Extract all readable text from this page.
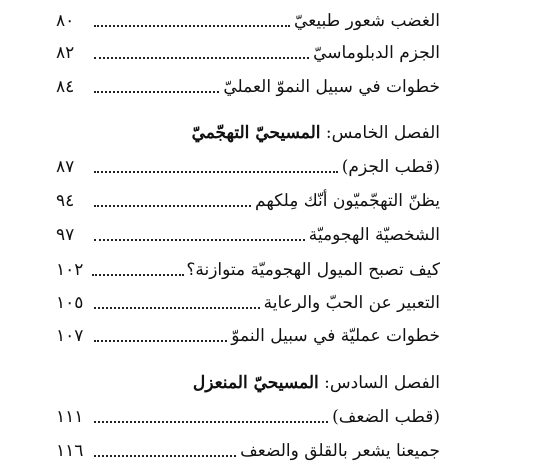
الغضب شعور طبيعيّ
٨٠
الجزم الدبلوماسيّ
٨٢
خطوات في سبيل النموّ العمليّ
٨٤
الفصل الخامس: المسيحيّ التهجّميّ
(قطب الجزم)
٨٧
يظنّ التهجّميّون أنّك مِلكهم
٩٤
الشخصيّة الهجوميّة
٩٧
كيف تصبح الميول الهجوميّة متوازنة؟
١٠٢
التعبير عن الحبّ والرعاية
١٠٥
خطوات عمليّة في سبيل النموّ
١٠٧
الفصل السادس: المسيحيّ المنعزل
(قطب الضعف)
١١١
جميعنا يشعر بالقلق والضعف
١١٦
